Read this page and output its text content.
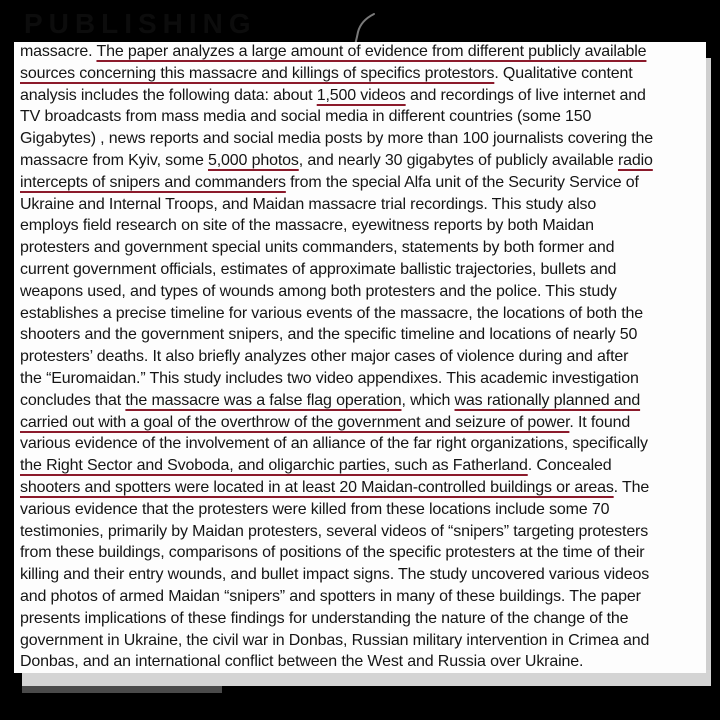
PUBLISHING
massacre. The paper analyzes a large amount of evidence from different publicly available
sources concerning this massacre and killings of specifics protestors. Qualitative content
analysis includes the following data: about 1,500 videos and recordings of live internet and
TV broadcasts from mass media and social media in different countries (some 150
Gigabytes) , news reports and social media posts by more than 100 journalists covering the
massacre from Kyiv, some 5,000 photos, and nearly 30 gigabytes of publicly available radio
intercepts of snipers and commanders from the special Alfa unit of the Security Service of
Ukraine and Internal Troops, and Maidan massacre trial recordings. This study also
employs field research on site of the massacre, eyewitness reports by both Maidan
protesters and government special units commanders, statements by both former and
current government officials, estimates of approximate ballistic trajectories, bullets and
weapons used, and types of wounds among both protesters and the police. This study
establishes a precise timeline for various events of the massacre, the locations of both the
shooters and the government snipers, and the specific timeline and locations of nearly 50
protesters’ deaths. It also briefly analyzes other major cases of violence during and after
the “Euromaidan.” This study includes two video appendixes. This academic investigation
concludes that the massacre was a false flag operation, which was rationally planned and
carried out with a goal of the overthrow of the government and seizure of power. It found
various evidence of the involvement of an alliance of the far right organizations, specifically
the Right Sector and Svoboda, and oligarchic parties, such as Fatherland. Concealed
shooters and spotters were located in at least 20 Maidan-controlled buildings or areas. The
various evidence that the protesters were killed from these locations include some 70
testimonies, primarily by Maidan protesters, several videos of “snipers” targeting protesters
from these buildings, comparisons of positions of the specific protesters at the time of their
killing and their entry wounds, and bullet impact signs. The study uncovered various videos
and photos of armed Maidan “snipers” and spotters in many of these buildings. The paper
presents implications of these findings for understanding the nature of the change of the
government in Ukraine, the civil war in Donbas, Russian military intervention in Crimea and
Donbas, and an international conflict between the West and Russia over Ukraine.
